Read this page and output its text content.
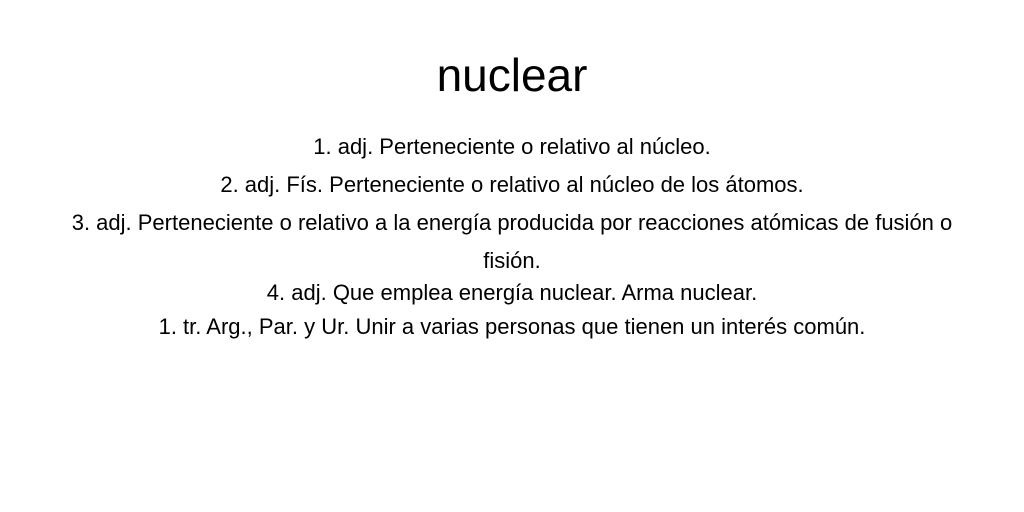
nuclear
1. adj. Perteneciente o relativo al núcleo.
2. adj. Fís. Perteneciente o relativo al núcleo de los átomos.
3. adj. Perteneciente o relativo a la energía producida por reacciones atómicas de fusión o fisión.
4. adj. Que emplea energía nuclear. Arma nuclear.
1. tr. Arg., Par. y Ur. Unir a varias personas que tienen un interés común.
